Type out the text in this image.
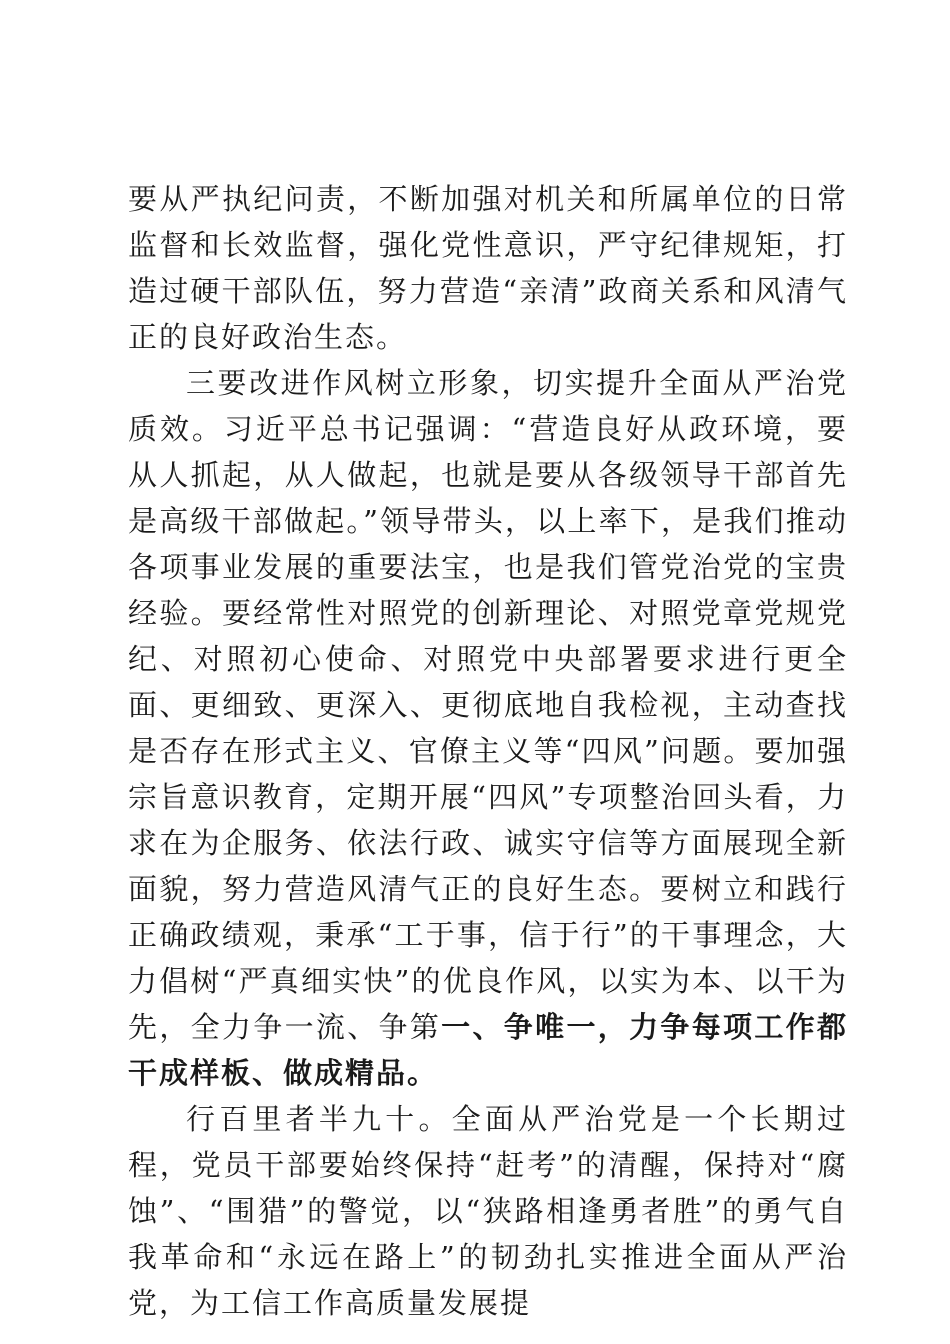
要从严执纪问责，不断加强对机关和所属单位的日常监督和长效监督，强化党性意识，严守纪律规矩，打造过硬干部队伍，努力营造“亲清”政商关系和风清气正的良好政治生态。

三要改进作风树立形象，切实提升全面从严治党质效。习近平总书记强调：“营造良好从政环境，要从人抓起，从人做起，也就是要从各级领导干部首先是高级干部做起。”领导带头，以上率下，是我们推动各项事业发展的重要法宝，也是我们管党治党的宝贵经验。要经常性对照党的创新理论、对照党章党规党纪、对照初心使命、对照党中央部署要求进行更全面、更细致、更深入、更彻底地自我检视，主动查找是否存在形式主义、官僚主义等“四风”问题。要加强宗旨意识教育，定期开展“四风”专项整治回头看，力求在为企服务、依法行政、诚实守信等方面展现全新面貌，努力营造风清气正的良好生态。要树立和践行正确政绩观，秉承“工于事，信于行”的干事理念，大力倡树“严真细实快”的优良作风，以实为本、以干为先，全力争一流、争第一、争唯一，力争每项工作都干成样板、做成精品。

行百里者半九十。全面从严治党是一个长期过程，党员干部要始终保持“赶考”的清醒，保持对“腐蚀”、“围猎”的警觉，以“狭路相逢勇者胜”的勇气自我革命和“永远在路上”的韧劲扎实推进全面从严治党，为工信工作高质量发展提
